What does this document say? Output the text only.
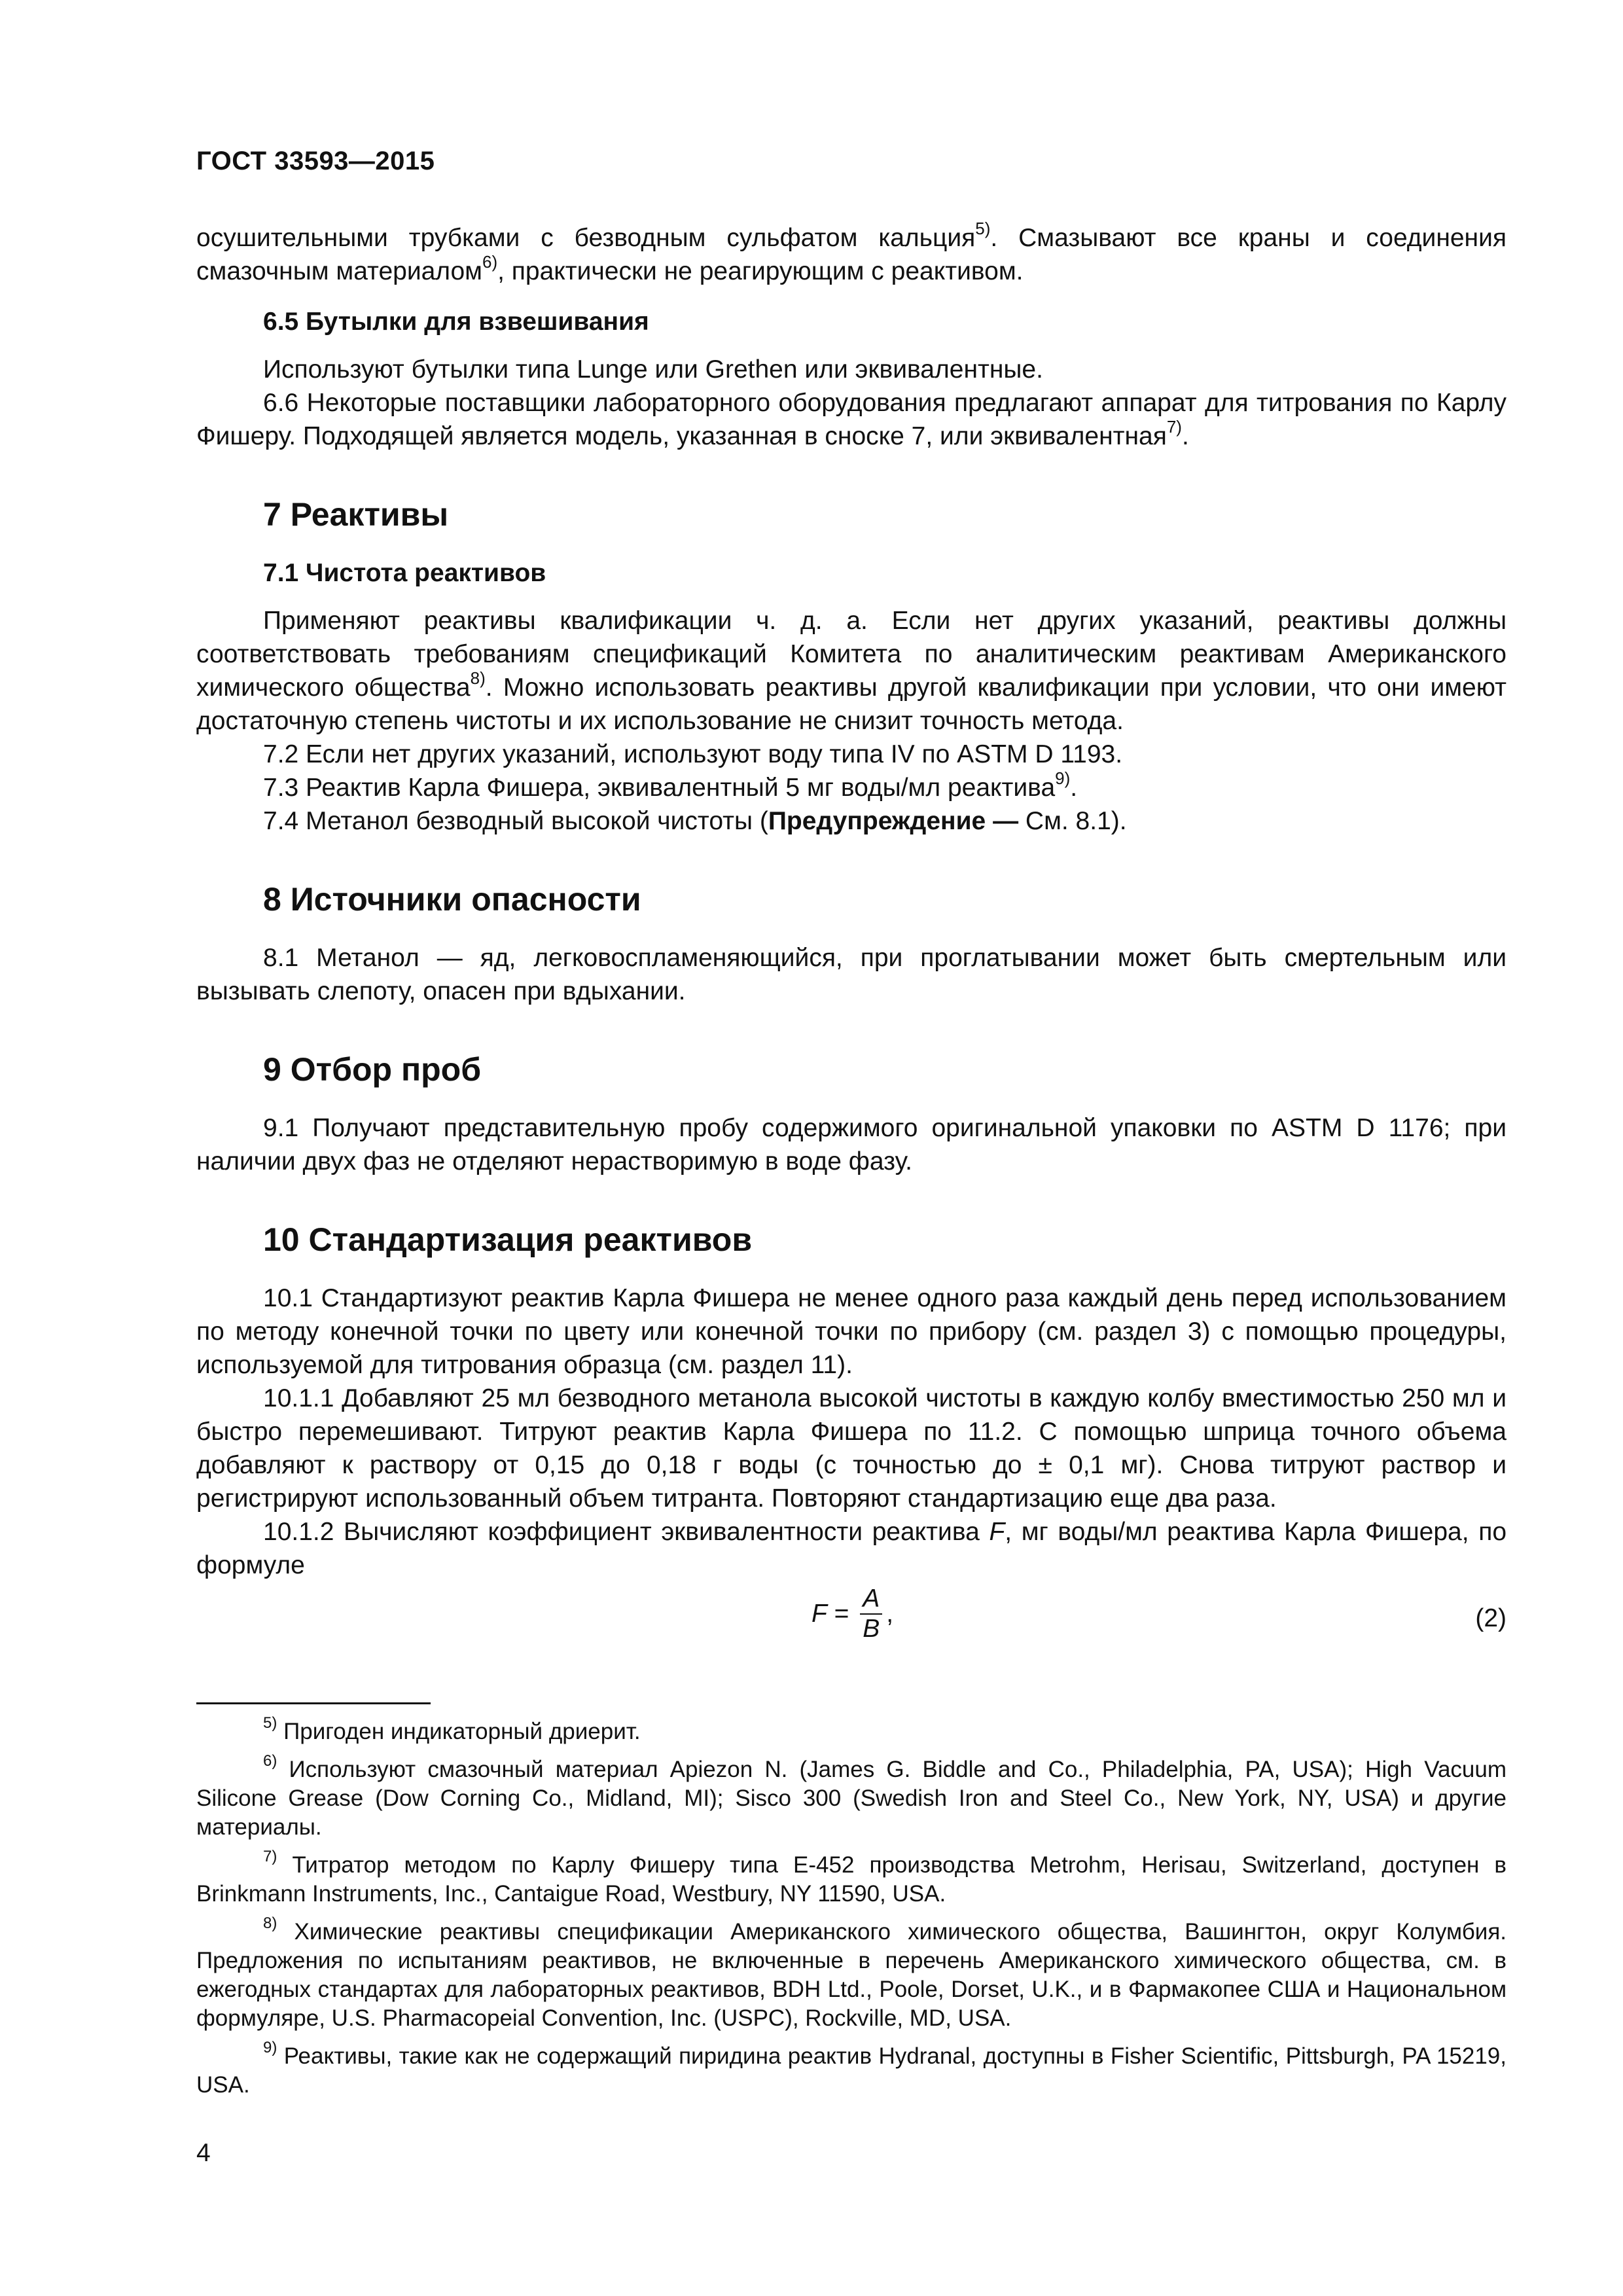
ГОСТ 33593—2015

осушительными трубками с безводным сульфатом кальция$^{5)}$. Смазывают все краны и соединения смазочным материалом$^{6)}$, практически не реагирующим с реактивом.

6.5 Бутылки для взвешивания

Используют бутылки типа Lunge или Grethen или эквивалентные.

6.6 Некоторые поставщики лабораторного оборудования предлагают аппарат для титрования по Карлу Фишеру. Подходящей является модель, указанная в сноске 7, или эквивалентная$^{7)}$.

7 Реактивы
7.1 Чистота реактивов

Применяют реактивы квалификации ч. д. а. Если нет других указаний, реактивы должны соответствовать требованиям спецификаций Комитета по аналитическим реактивам Американского химического общества$^{8)}$. Можно использовать реактивы другой квалификации при условии, что они имеют достаточную степень чистоты и их использование не снизит точность метода.

7.2 Если нет других указаний, используют воду типа IV по ASTM D 1193.

7.3 Реактив Карла Фишера, эквивалентный 5 мг воды/мл реактива$^{9)}$.

7.4 Метанол безводный высокой чистоты (Предупреждение — См. 8.1).

8 Источники опасности

8.1 Метанол — яд, легковоспламеняющийся, при проглатывании может быть смертельным или вызывать слепоту, опасен при вдыхании.

9 Отбор проб

9.1 Получают представительную пробу содержимого оригинальной упаковки по ASTM D 1176; при наличии двух фаз не отделяют нерастворимую в воде фазу.

10 Стандартизация реактивов

10.1 Стандартизуют реактив Карла Фишера не менее одного раза каждый день перед использованием по методу конечной точки по цвету или конечной точки по прибору (см. раздел 3) с помощью процедуры, используемой для титрования образца (см. раздел 11).

10.1.1 Добавляют 25 мл безводного метанола высокой чистоты в каждую колбу вместимостью 250 мл и быстро перемешивают. Титруют реактив Карла Фишера по 11.2. С помощью шприца точного объема добавляют к раствору от 0,15 до 0,18 г воды (с точностью до ± 0,1 мг). Снова титруют раствор и регистрируют использованный объем титранта. Повторяют стандартизацию еще два раза.

10.1.2 Вычисляют коэффициент эквивалентности реактива F, мг воды/мл реактива Карла Фишера, по формуле

$F = \frac{A}{B}$ ,	(2)

$^{5)}$ Пригоден индикаторный дриерит.

$^{6)}$ Используют смазочный материал Apiezon N. (James G. Biddle and Co., Philadelphia, PA, USA); High Vacuum Silicone Grease (Dow Corning Co., Midland, MI); Sisco 300 (Swedish Iron and Steel Co., New York, NY, USA) и другие материалы.

$^{7)}$ Титратор методом по Карлу Фишеру типа Е-452 производства Metrohm, Herisau, Switzerland, доступен в Brinkmann Instruments, Inc., Cantaigue Road, Westbury, NY 11590, USA.

$^{8)}$ Химические реактивы спецификации Американского химического общества, Вашингтон, округ Колумбия. Предложения по испытаниям реактивов, не включенные в перечень Американского химического общества, см. в ежегодных стандартах для лабораторных реактивов, BDH Ltd., Poole, Dorset, U.K., и в Фармакопее США и Национальном формуляре, U.S. Pharmacopeial Convention, Inc. (USPC), Rockville, MD, USA.

$^{9)}$ Реактивы, такие как не содержащий пиридина реактив Hydranal, доступны в Fisher Scientific, Pittsburgh, PA 15219, USA.

4
